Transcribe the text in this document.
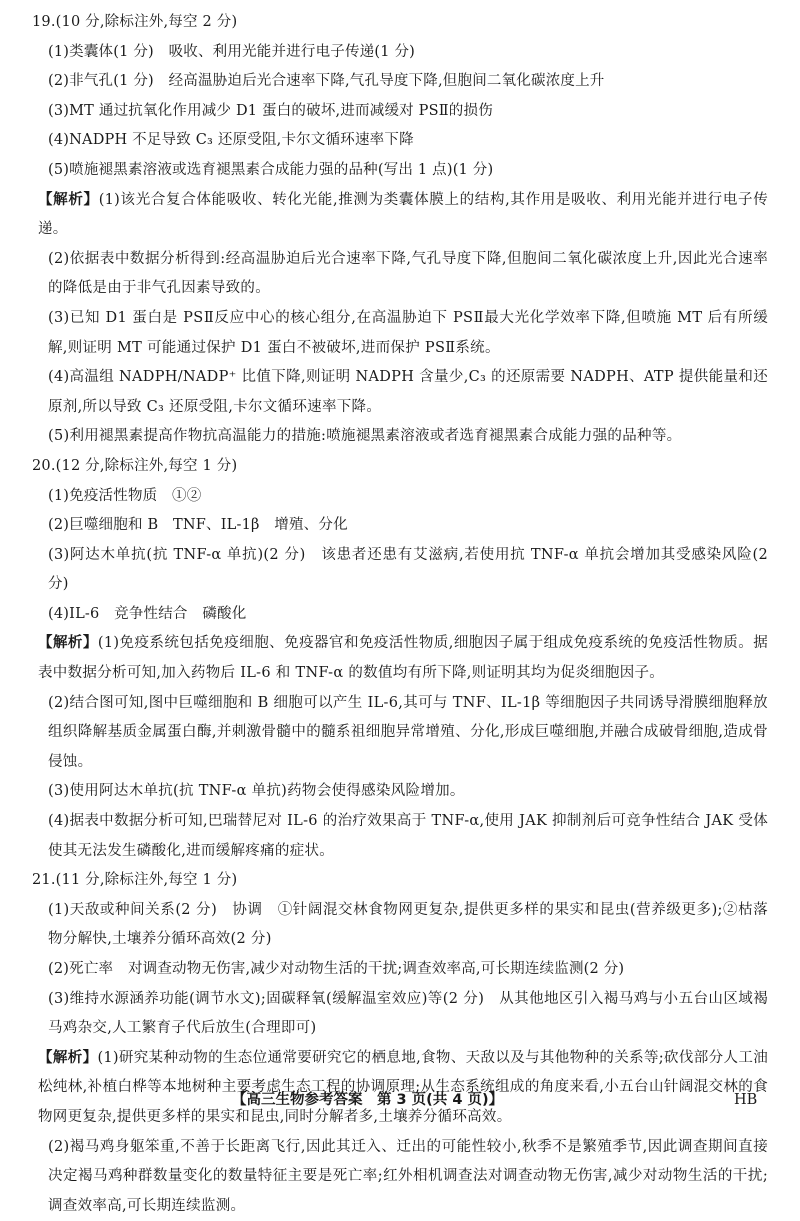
19.(10 分,除标注外,每空 2 分)
(1)类囊体(1 分)　吸收、利用光能并进行电子传递(1 分)
(2)非气孔(1 分)　经高温胁迫后光合速率下降,气孔导度下降,但胞间二氧化碳浓度上升
(3)MT 通过抗氧化作用减少 D1 蛋白的破坏,进而减缓对 PSⅡ的损伤
(4)NADPH 不足导致 C₃ 还原受阻,卡尔文循环速率下降
(5)喷施褪黑素溶液或选育褪黑素合成能力强的品种(写出 1 点)(1 分)
【解析】(1)该光合复合体能吸收、转化光能,推测为类囊体膜上的结构,其作用是吸收、利用光能并进行电子传递。
(2)依据表中数据分析得到:经高温胁迫后光合速率下降,气孔导度下降,但胞间二氧化碳浓度上升,因此光合速率的降低是由于非气孔因素导致的。
(3)已知 D1 蛋白是 PSⅡ反应中心的核心组分,在高温胁迫下 PSⅡ最大光化学效率下降,但喷施 MT 后有所缓解,则证明 MT 可能通过保护 D1 蛋白不被破坏,进而保护 PSⅡ系统。
(4)高温组 NADPH/NADP⁺ 比值下降,则证明 NADPH 含量少,C₃ 的还原需要 NADPH、ATP 提供能量和还原剂,所以导致 C₃ 还原受阻,卡尔文循环速率下降。
(5)利用褪黑素提高作物抗高温能力的措施:喷施褪黑素溶液或者选育褪黑素合成能力强的品种等。
20.(12 分,除标注外,每空 1 分)
(1)免疫活性物质　①②
(2)巨噬细胞和 B　TNF、IL-1β　增殖、分化
(3)阿达木单抗(抗 TNF-α 单抗)(2 分)　该患者还患有艾滋病,若使用抗 TNF-α 单抗会增加其受感染风险(2 分)
(4)IL-6　竞争性结合　磷酸化
【解析】(1)免疫系统包括免疫细胞、免疫器官和免疫活性物质,细胞因子属于组成免疫系统的免疫活性物质。据表中数据分析可知,加入药物后 IL-6 和 TNF-α 的数值均有所下降,则证明其均为促炎细胞因子。
(2)结合图可知,图中巨噬细胞和 B 细胞可以产生 IL-6,其可与 TNF、IL-1β 等细胞因子共同诱导滑膜细胞释放组织降解基质金属蛋白酶,并刺激骨髓中的髓系祖细胞异常增殖、分化,形成巨噬细胞,并融合成破骨细胞,造成骨侵蚀。
(3)使用阿达木单抗(抗 TNF-α 单抗)药物会使得感染风险增加。
(4)据表中数据分析可知,巴瑞替尼对 IL-6 的治疗效果高于 TNF-α,使用 JAK 抑制剂后可竞争性结合 JAK 受体使其无法发生磷酸化,进而缓解疼痛的症状。
21.(11 分,除标注外,每空 1 分)
(1)天敌或种间关系(2 分)　协调　①针阔混交林食物网更复杂,提供更多样的果实和昆虫(营养级更多);②枯落物分解快,土壤养分循环高效(2 分)
(2)死亡率　对调查动物无伤害,减少对动物生活的干扰;调查效率高,可长期连续监测(2 分)
(3)维持水源涵养功能(调节水文);固碳释氧(缓解温室效应)等(2 分)　从其他地区引入褐马鸡与小五台山区域褐马鸡杂交,人工繁育子代后放生(合理即可)
【解析】(1)研究某种动物的生态位通常要研究它的栖息地,食物、天敌以及与其他物种的关系等;砍伐部分人工油松纯林,补植白桦等本地树种主要考虑生态工程的协调原理;从生态系统组成的角度来看,小五台山针阔混交林的食物网更复杂,提供更多样的果实和昆虫,同时分解者多,土壤养分循环高效。
(2)褐马鸡身躯笨重,不善于长距离飞行,因此其迁入、迁出的可能性较小,秋季不是繁殖季节,因此调查期间直接决定褐马鸡种群数量变化的数量特征主要是死亡率;红外相机调查法对调查动物无伤害,减少对动物生活的干扰;调查效率高,可长期连续监测。
【高三生物参考答案　第 3 页(共 4 页)】	HB
